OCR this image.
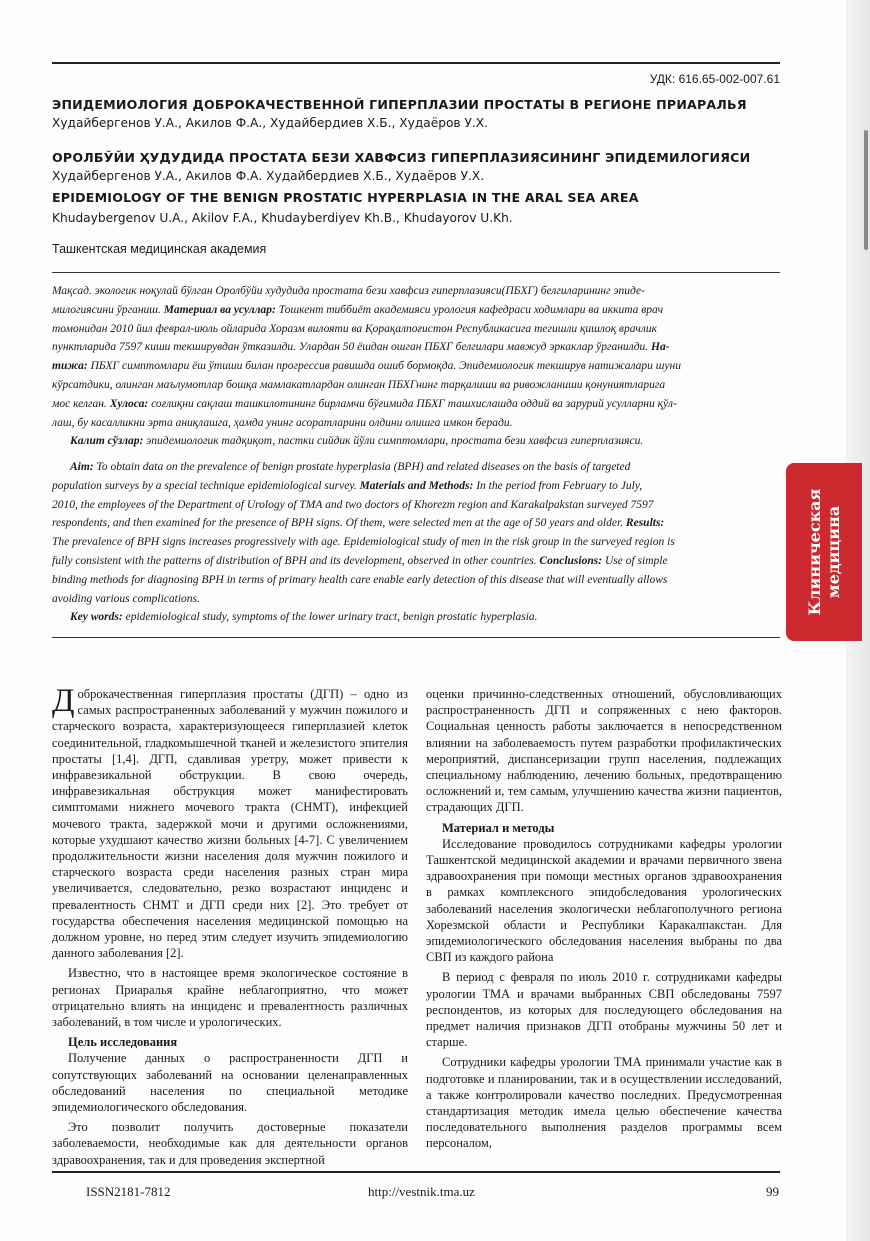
УДК: 616.65-002-007.61
ЭПИДЕМИОЛОГИЯ ДОБРОКАЧЕСТВЕННОЙ ГИПЕРПЛАЗИИ ПРОСТАТЫ В РЕГИОНЕ ПРИАРАЛЬЯ
Худайбергенов У.А., Акилов Ф.А., Худайбердиев Х.Б., Худаёров У.Х.
ОРОЛБЎЙИ ҲУДУДИДА ПРОСТАТА БЕЗИ ХАВФСИЗ ГИПЕРПЛАЗИЯСИНИНГ ЭПИДЕМИЛОГИЯСИ
Худайбергенов У.А., Акилов Ф.А. Худайбердиев Х.Б., Худаёров У.Х.
EPIDEMIOLOGY OF THE BENIGN PROSTATIC HYPERPLASIA IN THE ARAL SEA AREA
Khudaybergenov U.A., Akilov F.A., Khudayberdiyev Kh.B., Khudayorov U.Kh.
Ташкентская медицинская академия
Мақсад. экологик ноқулай бўлган Оролбўйи худудида простата бези хавфсиз гиперплазияси(ПБХГ) белгиларининг эпиде-
милогиясини ўрганиш. Материал ва усуллар: Тошкент тиббиёт академияси урология кафедраси ходимлари ва иккита врач
томонидан 2010 йил феврал-июль ойларида Хоразм вилояти ва Қорақалпоғистон Республикасига тегишли қишлоқ врачлик
пунктларида 7597 киши текширувдан ўтказилди. Улардан 50 ёшдан ошган ПБХГ белгилари мавжуд эркаклар ўрганилди. На-
тижа: ПБХГ симптомлари ёш ўтиши билан прогрессив равишда ошиб бормоқда. Эпидемиологик текширув натижалари шуни
кўрсатдики, олинган маълумотлар бошқа мамлакатлардан олинган ПБХГнинг тарқалиши ва ривожланиши қонуниятларига
мос келган. Хулоса: соғлиқни сақлаш ташкилотининг бирламчи бўғимида ПБХГ ташхислашда оддий ва зарурий усулларни қўл-
лаш, бу касалликни эрта аниқлашга, ҳамда унинг асоратларини олдини олишга имкон беради.
Калит сўзлар: эпидемиологик тадқиқот, пастки сийдик йўли симптомлари, простата бези хавфсиз гиперплазияси.
Aim: To obtain data on the prevalence of benign prostate hyperplasia (BPH) and related diseases on the basis of targeted
population surveys by a special technique epidemiological survey. Materials and Methods: In the period from February to July,
2010, the employees of the Department of Urology of TMA and two doctors of Khorezm region and Karakalpakstan surveyed 7597
respondents, and then examined for the presence of BPH signs. Of them, were selected men at the age of 50 years and older. Results:
The prevalence of BPH signs increases progressively with age. Epidemiological study of men in the risk group in the surveyed region is
fully consistent with the patterns of distribution of BPH and its development, observed in other countries. Conclusions: Use of simple
binding methods for diagnosing BPH in terms of primary health care enable early detection of this disease that will eventually allows
avoiding various complications.
Key words: epidemiological study, symptoms of the lower urinary tract, benign prostatic hyperplasia.
Клиническая медицина

Доброкачественная гиперплазия простаты (ДГП) – одно из самых распространенных заболеваний у мужчин пожилого и старческого возраста, характеризующееся гиперплазией клеток соединительной, гладкомышечной тканей и железистого эпителия простаты [1,4]. ДГП, сдавливая уретру, может привести к инфравезикальной обструкции. В свою очередь, инфравезикальная обструкция может манифестировать симптомами нижнего мочевого тракта (СНМТ), инфекцией мочевого тракта, задержкой мочи и другими осложнениями, которые ухудшают качество жизни больных [4-7]. С увеличением продолжительности жизни населения доля мужчин пожилого и старческого возраста среди населения разных стран мира увеличивается, следовательно, резко возрастают инциденс и превалентность СНМТ и ДГП среди них [2]. Это требует от государства обеспечения населения медицинской помощью на должном уровне, но перед этим следует изучить эпидемиологию данного заболевания [2].

Известно, что в настоящее время экологическое состояние в регионах Приаралья крайне неблагоприятно, что может отрицательно влиять на инциденс и превалентность различных заболеваний, в том числе и урологических.

Цель исследования

Получение данных о распространенности ДГП и сопутствующих заболеваний на основании целенаправленных обследований населения по специальной методике эпидемиологического обследования.

Это позволит получить достоверные показатели заболеваемости, необходимые как для деятельности органов здравоохранения, так и для проведения экспертной

оценки причинно-следственных отношений, обусловливающих распространенность ДГП и сопряженных с нею факторов. Социальная ценность работы заключается в непосредственном влиянии на заболеваемость путем разработки профилактических мероприятий, диспансеризации групп населения, подлежащих специальному наблюдению, лечению больных, предотвращению осложнений и, тем самым, улучшению качества жизни пациентов, страдающих ДГП.

Материал и методы

Исследование проводилось сотрудниками кафедры урологии Ташкентской медицинской академии и врачами первичного звена здравоохранения при помощи местных органов здравоохранения в рамках комплексного эпидобследования урологических заболеваний населения экологически неблагополучного региона Хорезмской области и Республики Каракалпакстан. Для эпидемиологического обследования населения выбраны по два СВП из каждого района

В период с февраля по июль 2010 г. сотрудниками кафедры урологии ТМА и врачами выбранных СВП обследованы 7597 респондентов, из которых для последующего обследования на предмет наличия признаков ДГП отобраны мужчины 50 лет и старше.

Сотрудники кафедры урологии ТМА принимали участие как в подготовке и планировании, так и в осуществлении исследований, а также контролировали качество последних. Предусмотренная стандартизация методик имела целью обеспечение качества последовательного выполнения разделов программы всем персоналом,

ISSN2181-7812	http://vestnik.tma.uz	99
